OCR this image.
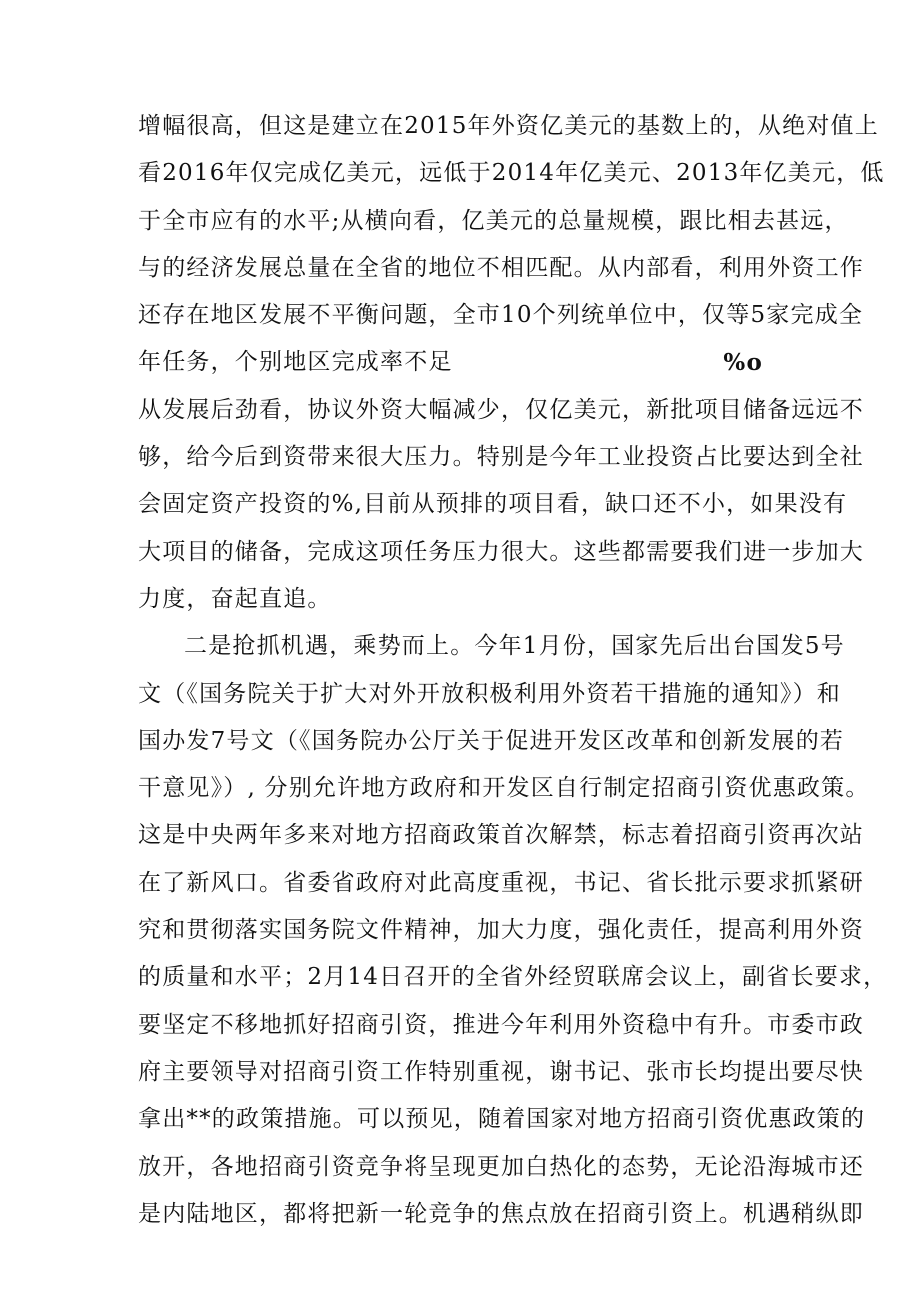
增幅很高，但这是建立在2015年外资亿美元的基数上的，从绝对值上
看2016年仅完成亿美元，远低于2014年亿美元、2013年亿美元，低
于全市应有的水平;从横向看，亿美元的总量规模，跟比相去甚远，
与的经济发展总量在全省的地位不相匹配。从内部看，利用外资工作
还存在地区发展不平衡问题，全市10个列统单位中，仅等5家完成全
年任务，个别地区完成率不足	%o
从发展后劲看，协议外资大幅减少，仅亿美元，新批项目储备远远不
够，给今后到资带来很大压力。特别是今年工业投资占比要达到全社
会固定资产投资的%,目前从预排的项目看，缺口还不小，如果没有
大项目的储备，完成这项任务压力很大。这些都需要我们进一步加大
力度，奋起直追。
二是抢抓机遇，乘势而上。今年1月份，国家先后出台国发5号
文（《国务院关于扩大对外开放积极利用外资若干措施的通知》）和
国办发7号文（《国务院办公厅关于促进开发区改革和创新发展的若
干意见》）, 分别允许地方政府和开发区自行制定招商引资优惠政策。
这是中央两年多来对地方招商政策首次解禁，标志着招商引资再次站
在了新风口。省委省政府对此高度重视，书记、省长批示要求抓紧研
究和贯彻落实国务院文件精神，加大力度，强化责任，提高利用外资
的质量和水平；2月14日召开的全省外经贸联席会议上，副省长要求，
要坚定不移地抓好招商引资，推进今年利用外资稳中有升。市委市政
府主要领导对招商引资工作特别重视，谢书记、张市长均提出要尽快
拿出**的政策措施。可以预见，随着国家对地方招商引资优惠政策的
放开，各地招商引资竞争将呈现更加白热化的态势，无论沿海城市还
是内陆地区，都将把新一轮竞争的焦点放在招商引资上。机遇稍纵即
